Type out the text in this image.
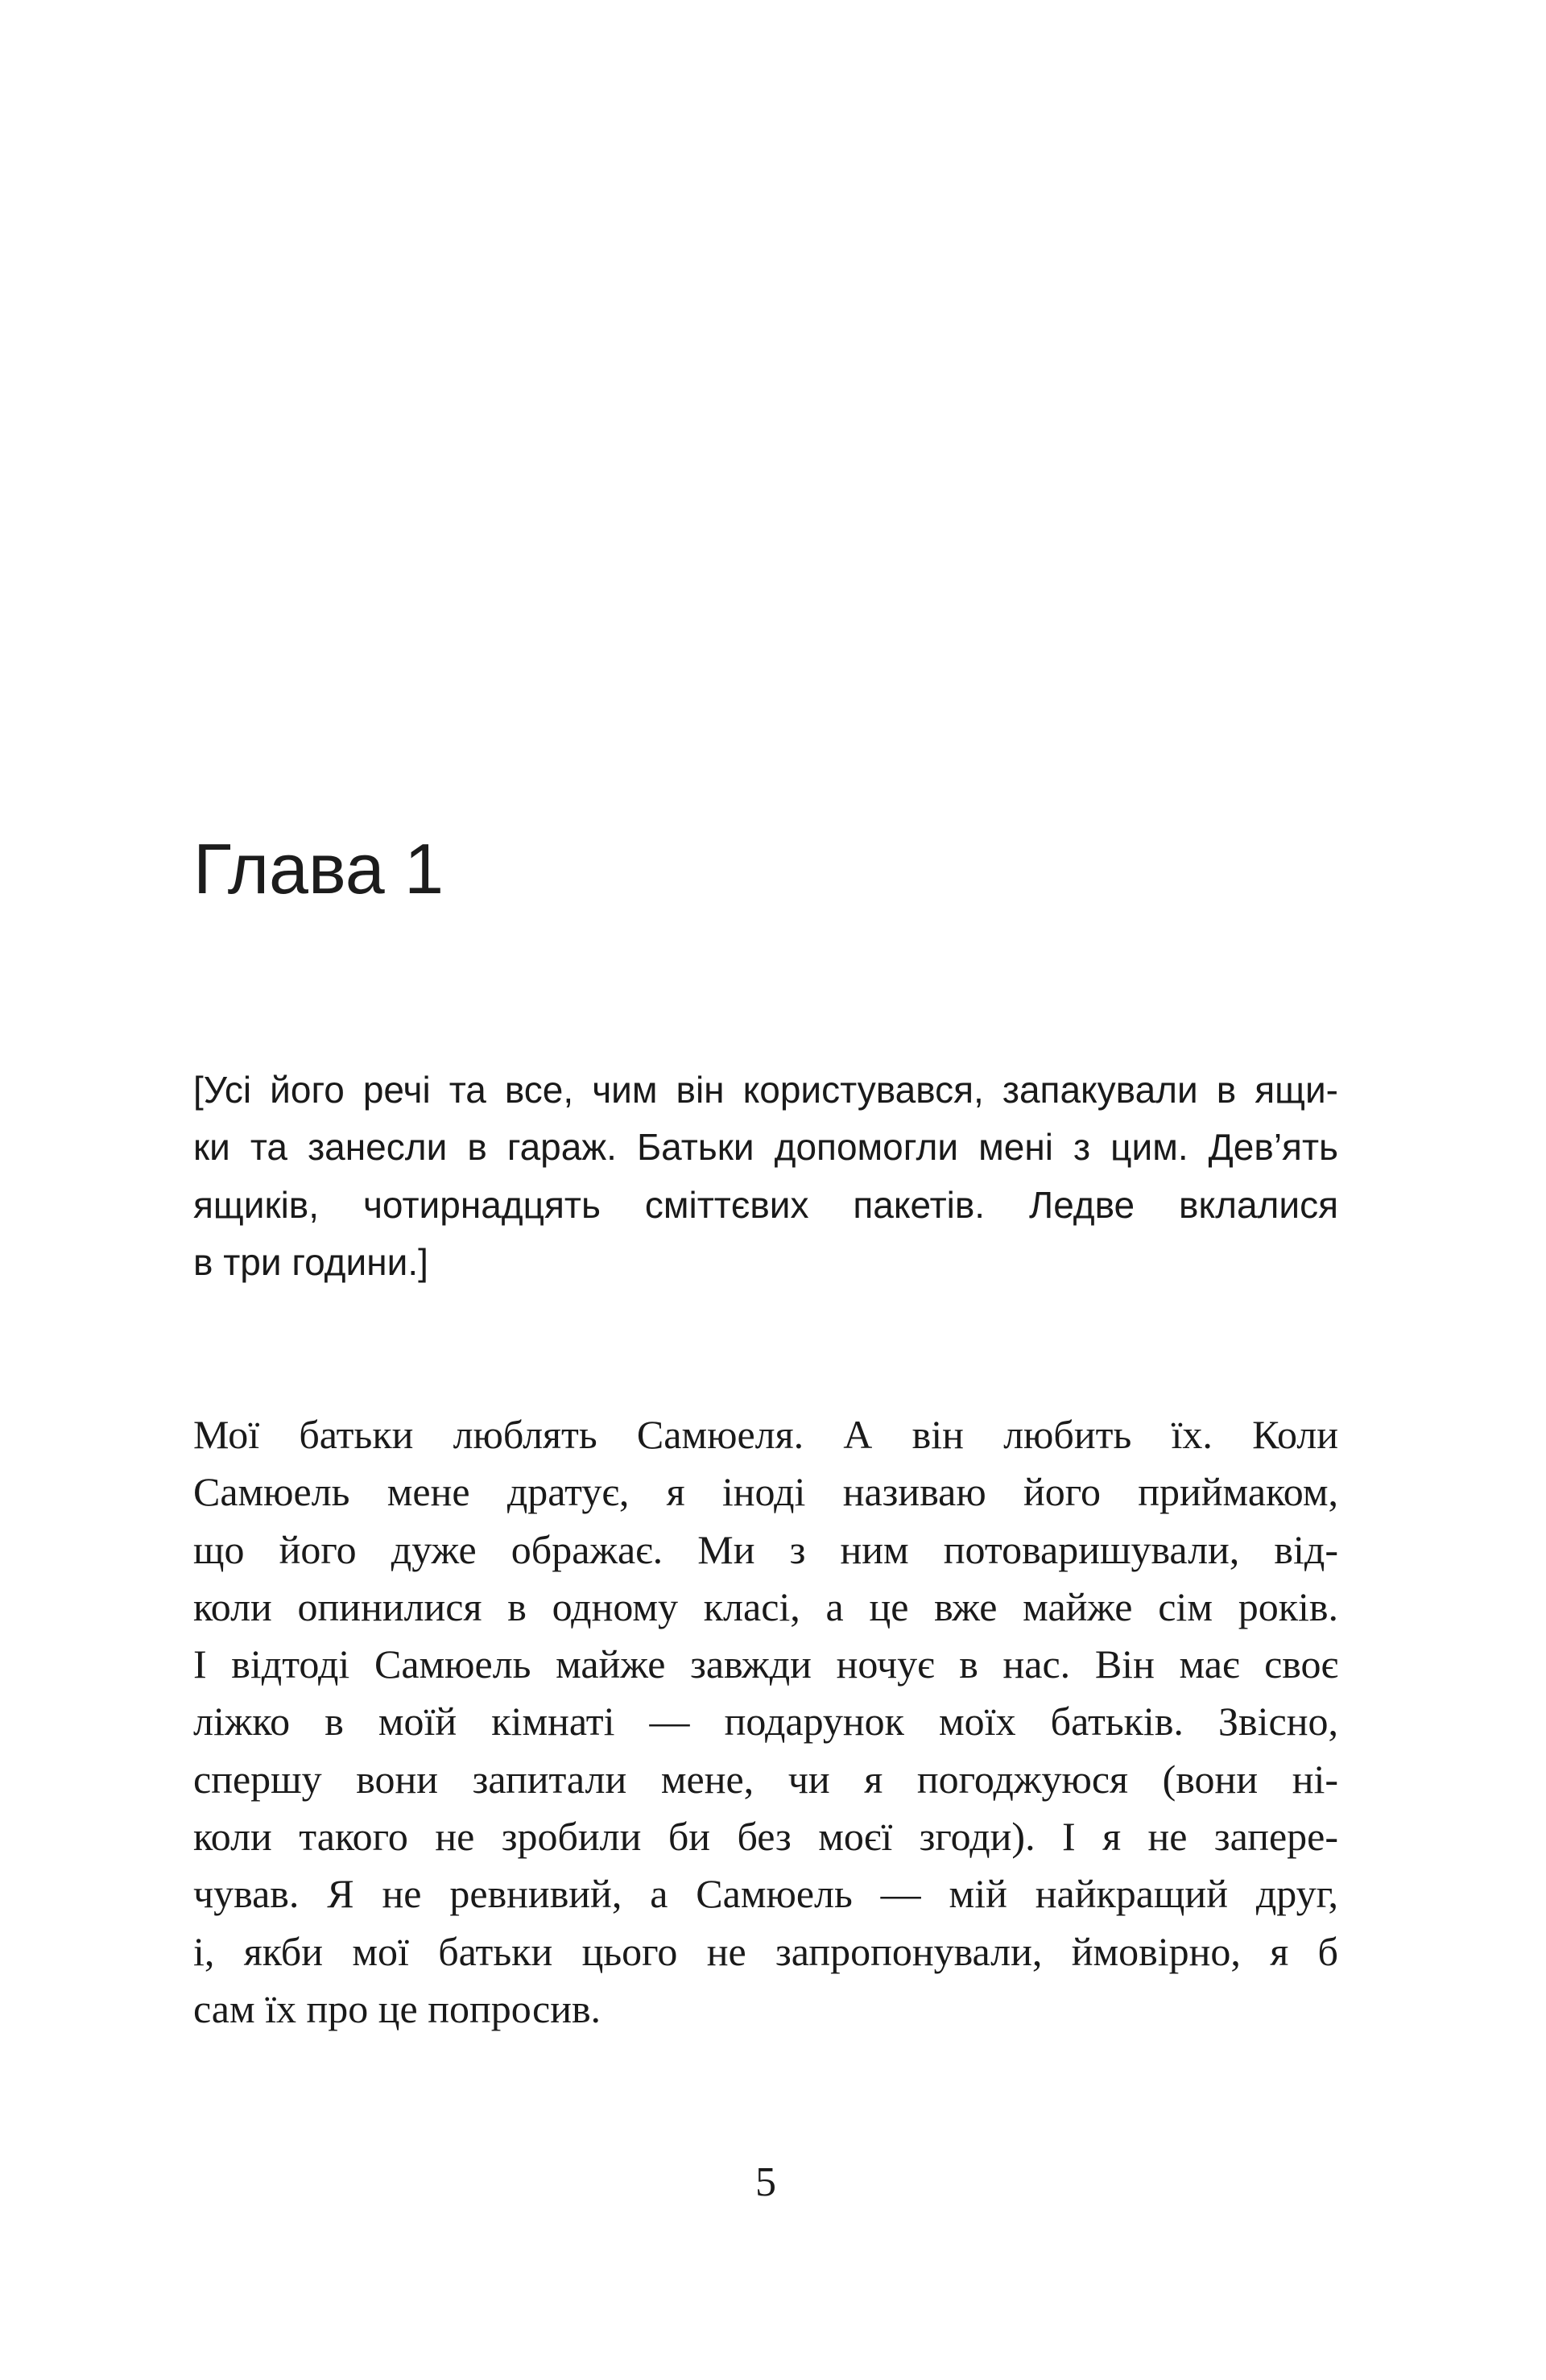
Глава 1
[Усі його речі та все, чим він користувався, запакували в ящи-
ки та занесли в гараж. Батьки допомогли мені з цим. Дев’ять
ящиків, чотирнадцять сміттєвих пакетів. Ледве вклалися
в три години.]
Мої батьки люблять Самюеля. А він любить їх. Коли
Самюель мене дратує, я іноді називаю його приймаком,
що його дуже ображає. Ми з ним потоваришували, від-
коли опинилися в одному класі, а це вже майже сім років.
І відтоді Самюель майже завжди ночує в нас. Він має своє
ліжко в моїй кімнаті — подарунок моїх батьків. Звісно,
спершу вони запитали мене, чи я погоджуюся (вони ні-
коли такого не зробили би без моєї згоди). І я не запере-
чував. Я не ревнивий, а Самюель — мій найкращий друг,
і, якби мої батьки цього не запропонували, ймовірно, я б
сам їх про це попросив.
5
